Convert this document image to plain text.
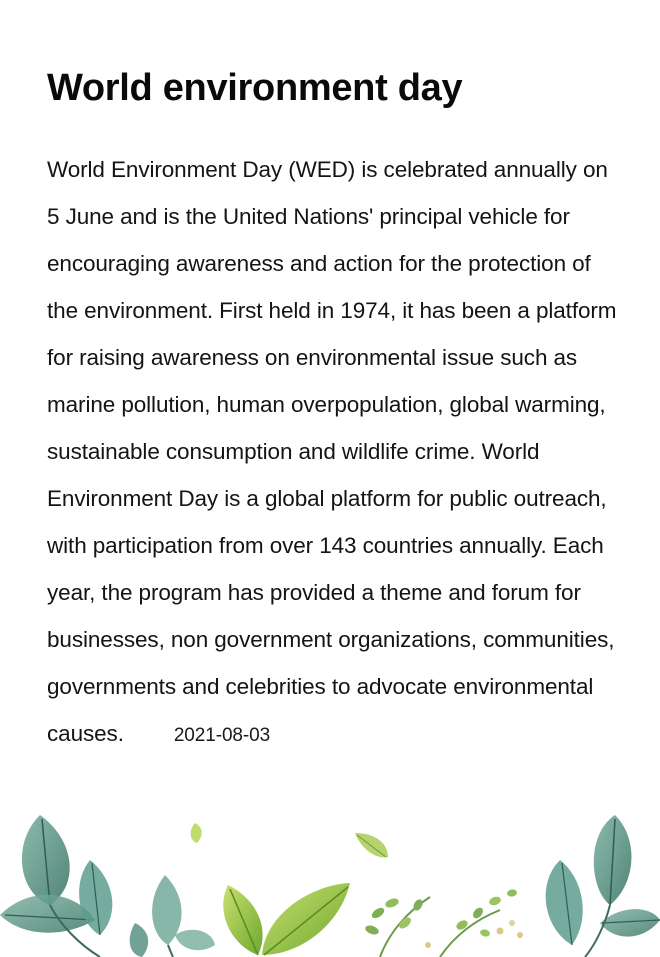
World environment day

World Environment Day (WED) is celebrated annually on 5 June and is the United Nations' principal vehicle for encouraging awareness and action for the protection of the environment. First held in 1974, it has been a platform for raising awareness on environmental issue such as marine pollution, human overpopulation, global warming, sustainable consumption and wildlife crime. World Environment Day is a global platform for public outreach, with participation from over 143 countries annually. Each year, the program has provided a theme and forum for businesses, non government organizations, communities, governments and celebrities to advocate environmental causes.	2021-08-03
